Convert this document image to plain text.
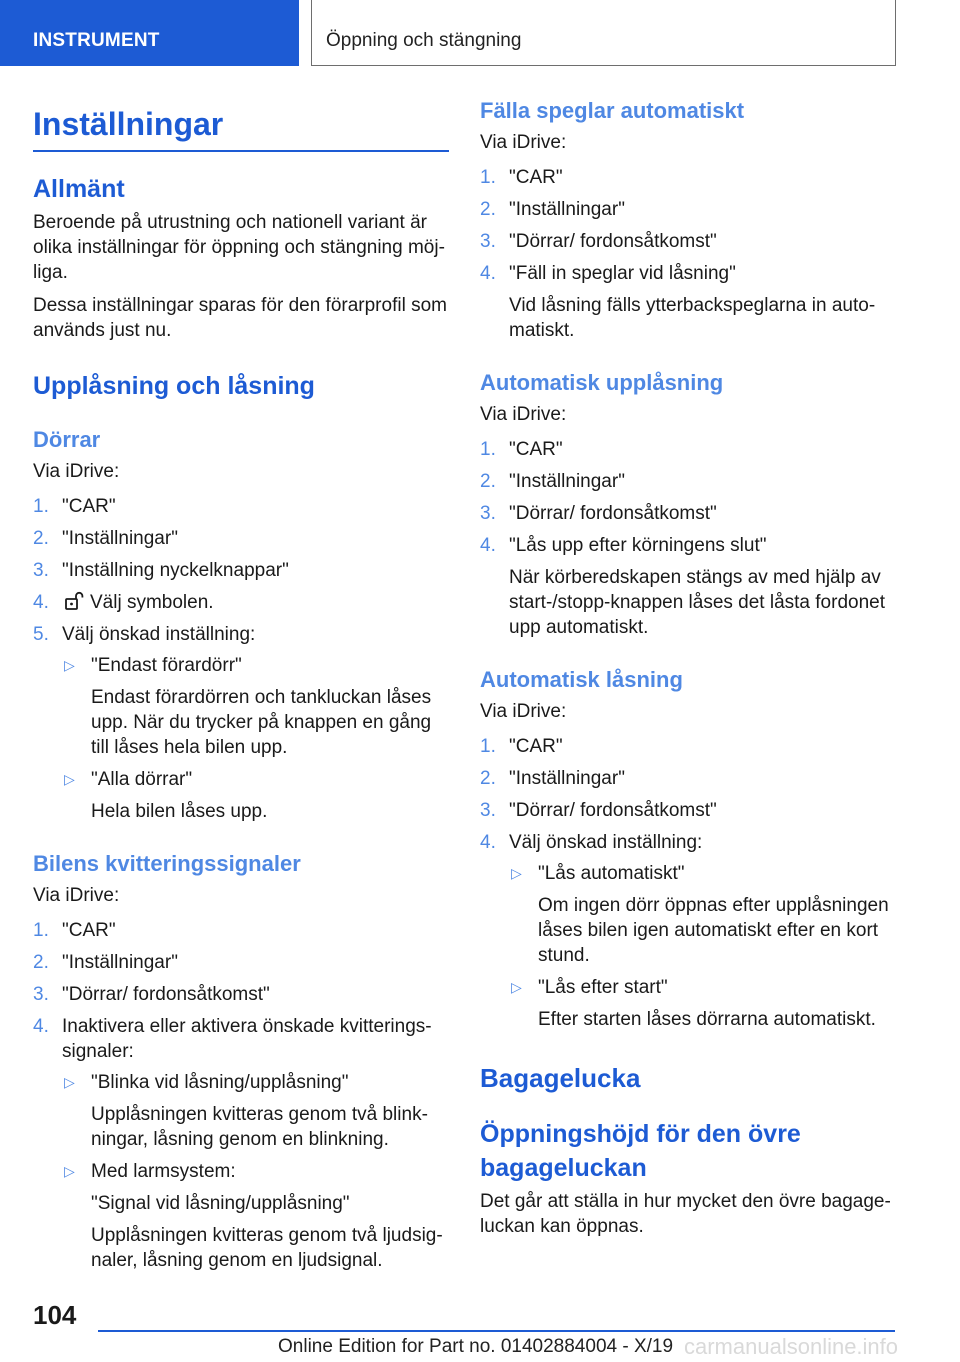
INSTRUMENT	Öppning och stängning
Inställningar
Allmänt

Beroende på utrustning och nationell variant är olika inställningar för öppning och stängning möj-liga.

Dessa inställningar sparas för den förarprofil som används just nu.

Upplåsning och låsning
Dörrar

Via iDrive:

1. "CAR"
2. "Inställningar"
3. "Inställning nyckelknappar"
4. Välj symbolen.
5. Välj önskad inställning:
▷ "Endast förardörr"
Endast förardörren och tankluckan låses upp. När du trycker på knappen en gång till låses hela bilen upp.
▷ "Alla dörrar"
Hela bilen låses upp.
Bilens kvitteringssignaler

Via iDrive:

1. "CAR"
2. "Inställningar"
3. "Dörrar/ fordonsåtkomst"
4. Inaktivera eller aktivera önskade kvitterings-signaler:
▷ "Blinka vid låsning/upplåsning"
Upplåsningen kvitteras genom två blink-ningar, låsning genom en blinkning.
▷ Med larmsystem:
"Signal vid låsning/upplåsning"
Upplåsningen kvitteras genom två ljudsig-naler, låsning genom en ljudsignal.
Fälla speglar automatiskt

Via iDrive:

1. "CAR"
2. "Inställningar"
3. "Dörrar/ fordonsåtkomst"
4. "Fäll in speglar vid låsning"
Vid låsning fälls ytterbackspeglarna in auto-matiskt.
Automatisk upplåsning

Via iDrive:

1. "CAR"
2. "Inställningar"
3. "Dörrar/ fordonsåtkomst"
4. "Lås upp efter körningens slut"
När körberedskapen stängs av med hjälp av start-/stopp-knappen låses det låsta fordonet upp automatiskt.
Automatisk låsning

Via iDrive:

1. "CAR"
2. "Inställningar"
3. "Dörrar/ fordonsåtkomst"
4. Välj önskad inställning:
▷ "Lås automatiskt"
Om ingen dörr öppnas efter upplåsningen låses bilen igen automatiskt efter en kort stund.
▷ "Lås efter start"
Efter starten låses dörrarna automatiskt.
Bagagelucka
Öppningshöjd för den övre bagageluckan

Det går att ställa in hur mycket den övre bagage-luckan kan öppnas.

104
Online Edition for Part no. 01402884004 - X/19 carmanualsonline.info
